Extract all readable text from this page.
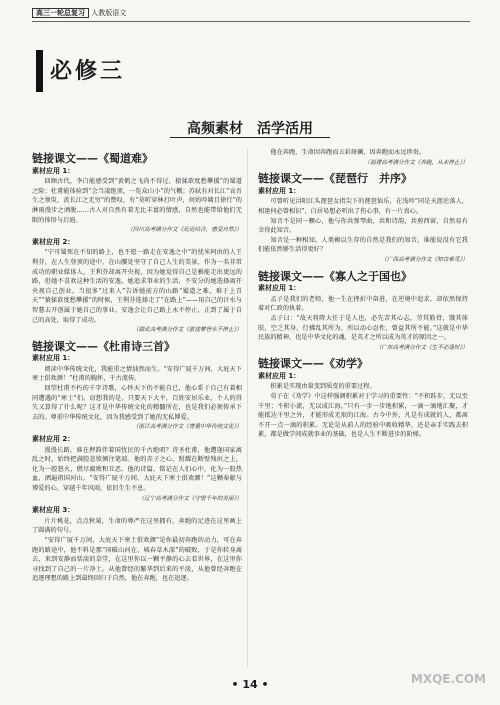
高三一轮总复习 人教版语文
必修三
高频素材　活学活用

链接课文——《蜀道难》

素材应用 1：

回顾古代，李白能感受到“黄鹤之飞尚不得过，猿猱欲度愁攀援”的蜀道之险；杜甫能体验到“会当凌绝顶，一览众山小”的气概；苏轼有对长江“哀吾生之须臾，羡长江之无穷”的赞叹，有“莫听穿林打叶声，何妨吟啸且徐行”的淋雨漫步之洒脱……古人对自然有着无比丰富的情感，自然也能带给他们无限的体悟与启迪。

（四川高考满分作文《近近结合，感受自然》）

素材应用 2：

“宁可蜀死在不知的路上，也不愿一路走在安逸之中”的忧米阿由的人王利芬，在人生登顶的途中，在山腰处坚守了自己人生的美景，作为一名非常成功的职业媒体人，王利芬却离开央视，因为她觉得自己是雅能走出更远的路，但她不喜欢这种生活的安逸，她追求事业的生活，不安分的她选择离开央视自己创业。当很多“过来人”告诉她前方的山路“蜀道之难，难于上青天”“猿猱欲度愁攀援”的时候，王利芬选择走了“在路上”——用自己的汗水与智慧去开创属于她自己的事业。安逸会让自己路上永不停止，正到了属于自己的高处，取得了成功。

（湖北高考满分作文《旅途攀登永不停止》）

链接课文——《杜甫诗三首》

素材应用 1：

阅读中华传统文化，我能重之情油然而生。“安得广厦千万间，大庇天下寒士俱欢颜！”杜甫的胸怀，千古流传。

回望杜甫不朽的千字诗歌，心怀天下仍不能自已，他心系于自己有着相同遭遇的“寒士”们。窃想我的是，只要天下大平，百姓安居乐业，个人的得失又算得了什么呢？这才是中华传统文化的精髓所在，也是我们必须传承下去的。尊重中华传统文化，因为我感受到了她的无私博爱。

（浙江高考满分作文《尊重中华传统文化》）

素材应用 2：

漫漫长路，谁在押韵伴着国忧民的千古绝唱？诗圣杜甫，他遭逢国家离乱之时，始终把满腔悲愤倾注笔端。他的赤子之心，照耀在断壁残垣之上，化为一腔怒火，燃尽腐败和丑恶。他的诗篇，铭记在人们心中，化为一股热血，洒遍祖国河山。“安得广厦千万间，大庇天下寒士俱欢颜！”这颗奉献与博爱的心，穿越千年风雨，依旧生生不息。

（辽宁高考满分作文《守望千年的美丽》）

素材应用 3：

片片桃花，点点秋菊，生命的尊严在这里拥有，奔跑的足迹在这里画上了圆满的句号。

“安得广厦千万间，大庇天下寒士俱欢颜”是你最初奔跑的动力，可在奔跑的路途中，他不料是那“国破山河在，城春草木深”的破败，于是你转身离去，来到安静而恬淡的草堂，在这里你以一颗平静的心去看世界，在这里你寻找到了自己的一片净土。从他曾经的繁华到后来的平淡，从他曾经奔跑在追逐理想的路上到最终回归于自然，他在奔跑，也在追逐。

他在奔跑，生命因奔跑而五彩斑斓，因奔跑而永远珍贵。

（福建高考满分作文《奔跑，从未停止》）

链接课文——《琵琶行　并序》

素材应用 1：

可曾听见浔阳江头琵琶女指尖下的琵琶仙乐，在浅吟“同是天涯沦落人，相逢何必曾相识”，白居易想必听出了伤心事，有一片真心。

知音不是同一颗心，他与你共弹琴曲，共和诗韵，共剪西窗，自然易有幸得此知音。

知音是一种相知。人类赖以生存的自然是我们的知音，谁能说没有它我们能依然够生活得更好？

（广西高考满分作文《知音难觅》）

链接课文——《寡人之于国也》

素材应用 1：

孟子是我们的老师，他一生在挫折中奋进，在逆境中追求，却依然保持着对仁政的执着。

孟子曰：“故天将降大任于是人也，必先苦其心志，劳其筋骨，饿其体肤，空乏其身，行拂乱其所为，所以动心忍性，曾益其所不能。”这就是中华民族的精神，也是中华文化的魂，是英才之所以成为英才的原因之一。

（广东高考满分作文《生不必逢时》）

链接课文——《劝学》

素材应用 1：

积累是实现由量变到质变的重要过程。

荀子在《劝学》中这样强调积累对于学习的重要性：“不积跬步，无以至千里；不积小流，无以成江海。”只有一步一步地积累，一滴一滴地汇聚，才能抵达千里之外，才能形成无垠的江海。古今中外，凡是有成就的人，都离不开一点一滴的积累。无论是从前人的经验中吸收精华，还是亲手实践去积累，都是做学问成就事业的基础，也是人生不断进步的阶梯。

• 14 •	MXQE.COM
